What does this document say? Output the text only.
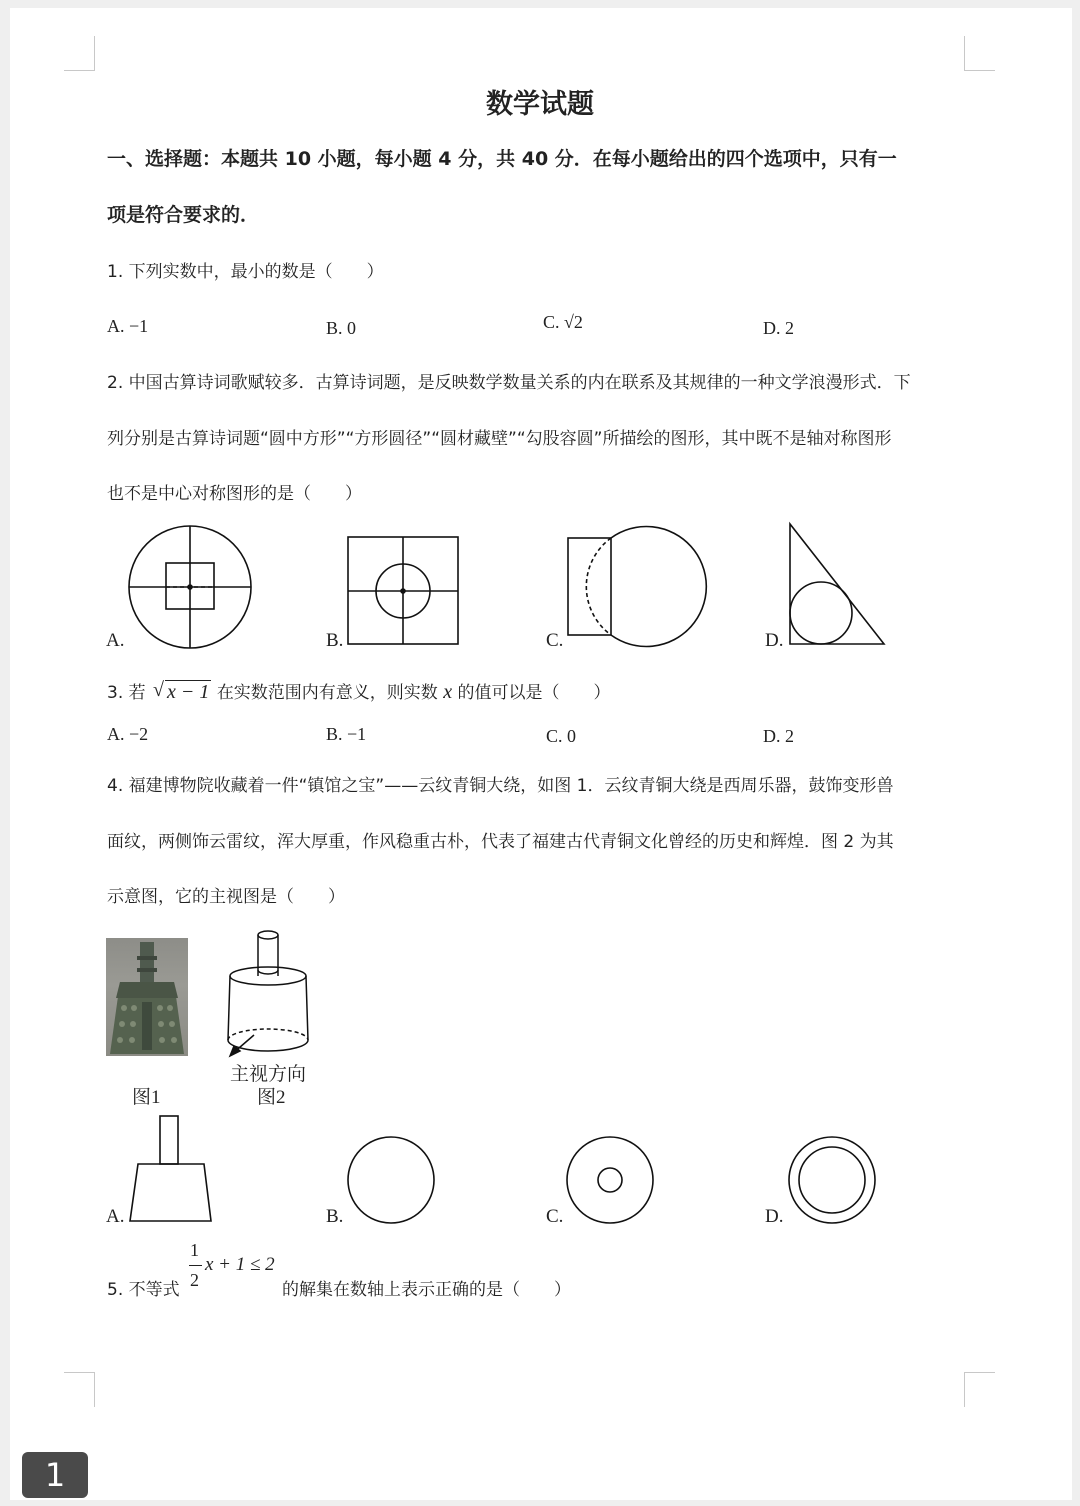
数学试题
一、选择题：本题共 10 小题，每小题 4 分，共 40 分．在每小题给出的四个选项中，只有一
项是符合要求的．
1. 下列实数中，最小的数是（　　）
A. −1	B. 0	C. √2	D. 2
2. 中国古算诗词歌赋较多．古算诗词题，是反映数学数量关系的内在联系及其规律的一种文学浪漫形式．下
列分别是古算诗词题“圆中方形”“方形圆径”“圆材藏壁”“勾股容圆”所描绘的图形，其中既不是轴对称图形
也不是中心对称图形的是（　　）
A.	B.	C.	D.
3. 若 √ x − 1 在实数范围内有意义，则实数 x 的值可以是（　　）
A. −2	B. −1	C. 0	D. 2
4. 福建博物院收藏着一件“镇馆之宝”——云纹青铜大绕，如图 1．云纹青铜大绕是西周乐器，鼓饰变形兽
面纹，两侧饰云雷纹，浑大厚重，作风稳重古朴，代表了福建古代青铜文化曾经的历史和辉煌．图 2 为其
示意图，它的主视图是（　　）
主视方向
图1	图2
A.	B.	C.	D.
5. 不等式
1
2
x + 1 ≤ 2
的解集在数轴上表示正确的是（　　）
1
